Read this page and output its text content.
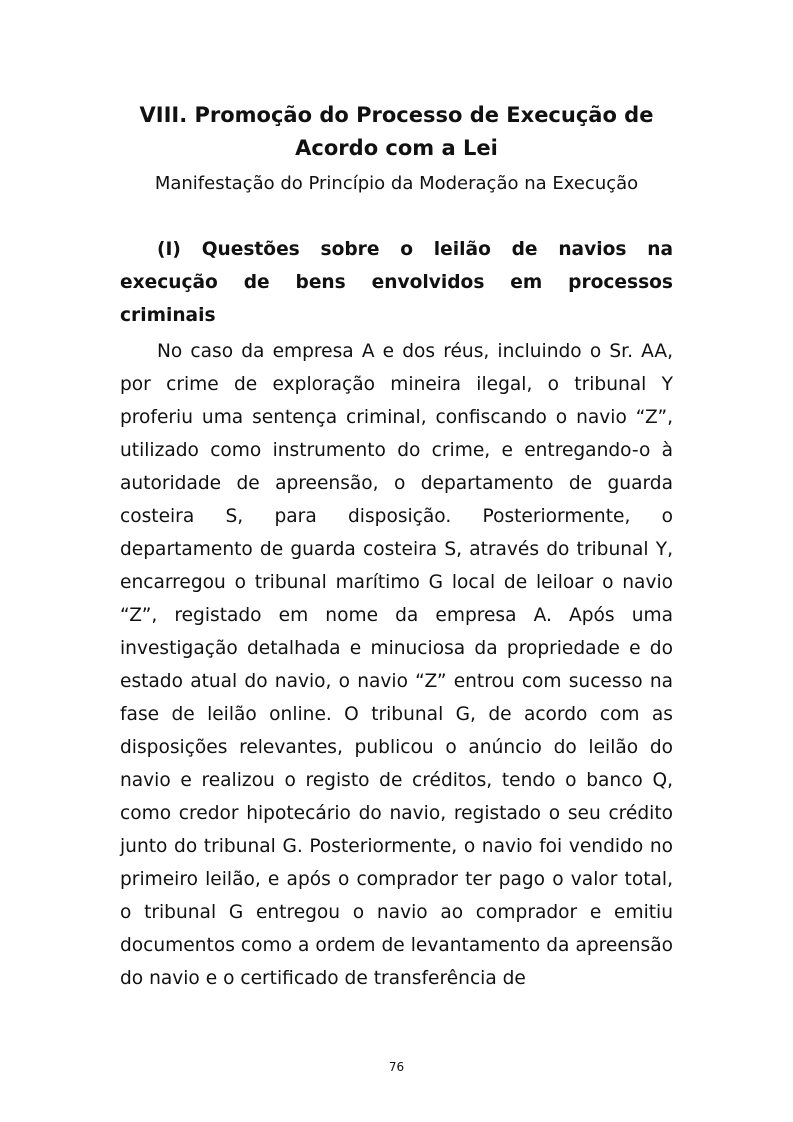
VIII. Promoção do Processo de Execução de Acordo com a Lei

Manifestação do Princípio da Moderação na Execução

(I) Questões sobre o leilão de navios na execução de bens envolvidos em processos criminais

No caso da empresa A e dos réus, incluindo o Sr. AA, por crime de exploração mineira ilegal, o tribunal Y proferiu uma sentença criminal, confiscando o navio “Z”, utilizado como instrumento do crime, e entregando-o à autoridade de apreensão, o departamento de guarda costeira S, para disposição. Posteriormente, o departamento de guarda costeira S, através do tribunal Y, encarregou o tribunal marítimo G local de leiloar o navio “Z”, registado em nome da empresa A. Após uma investigação detalhada e minuciosa da propriedade e do estado atual do navio, o navio “Z” entrou com sucesso na fase de leilão online. O tribunal G, de acordo com as disposições relevantes, publicou o anúncio do leilão do navio e realizou o registo de créditos, tendo o banco Q, como credor hipotecário do navio, registado o seu crédito junto do tribunal G. Posteriormente, o navio foi vendido no primeiro leilão, e após o comprador ter pago o valor total, o tribunal G entregou o navio ao comprador e emitiu documentos como a ordem de levantamento da apreensão do navio e o certificado de transferência de

76
